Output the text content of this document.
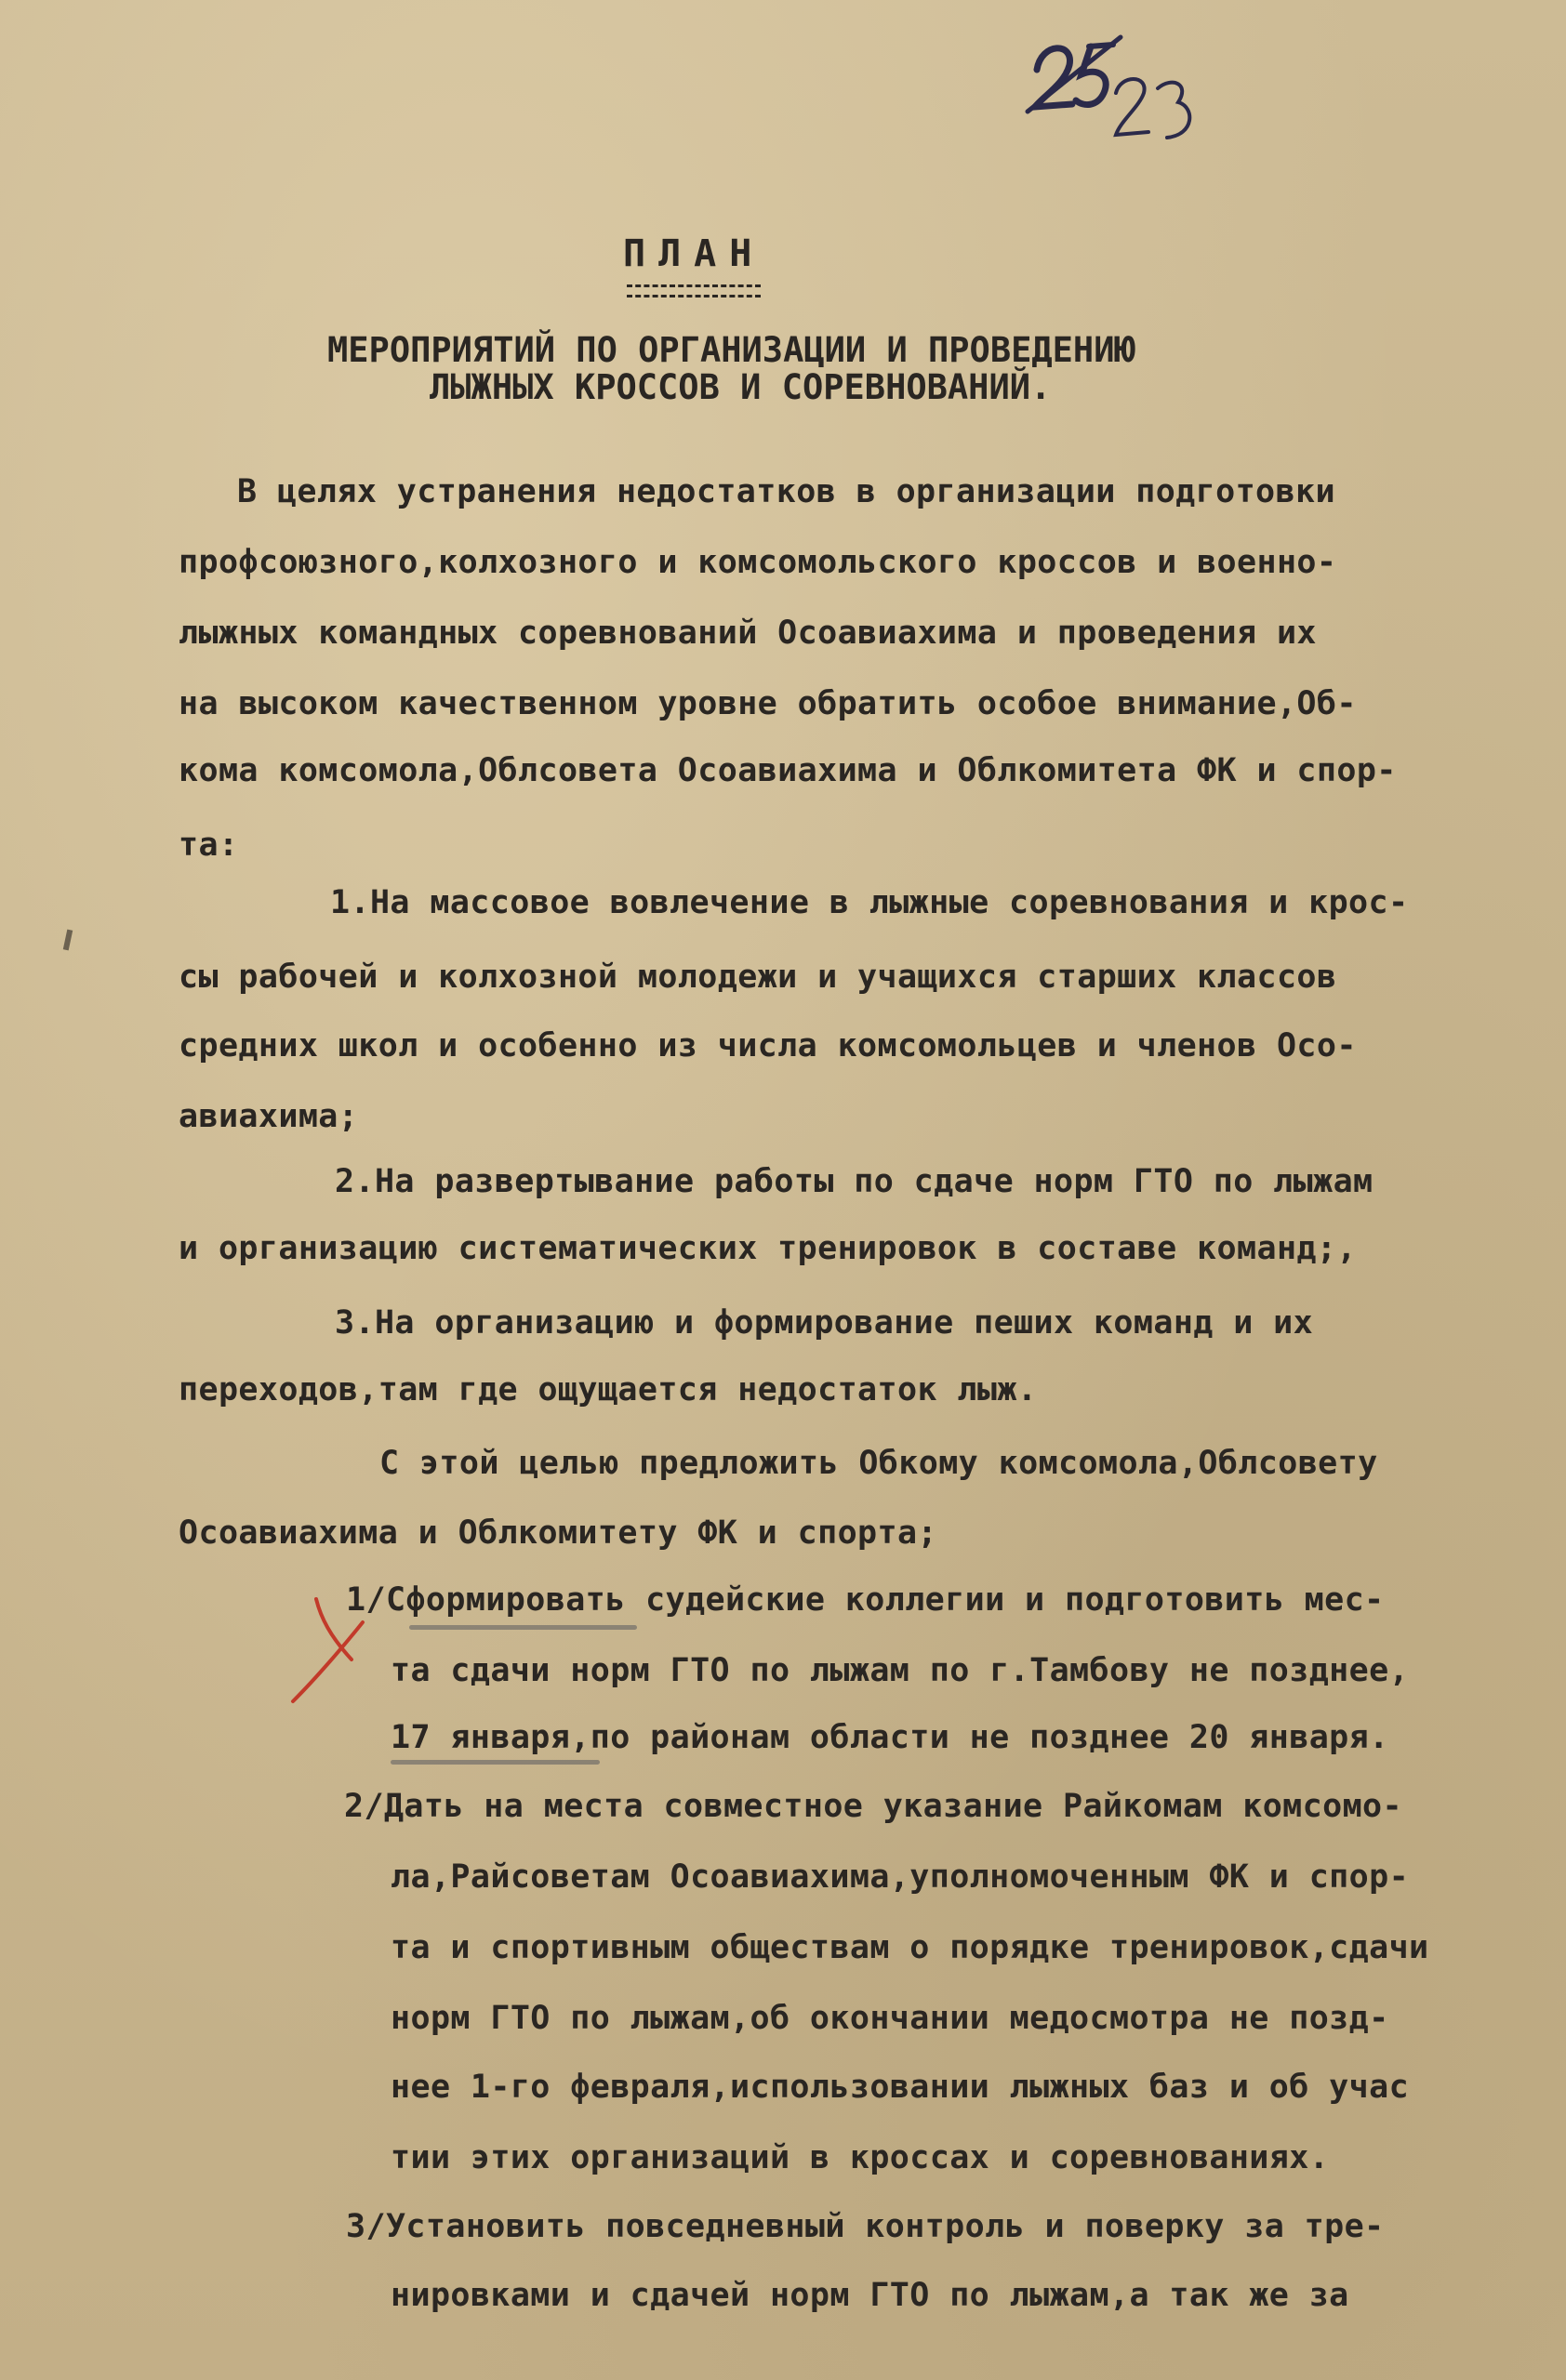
ПЛАН
МЕРОПРИЯТИЙ ПО ОРГАНИЗАЦИИ И ПРОВЕДЕНИЮ
ЛЫЖНЫХ КРОССОВ И СОРЕВНОВАНИЙ.
В целях устранения недостатков в организации подготовки
профсоюзного,колхозного и комсомольского кроссов и военно-
лыжных командных соревнований Осоавиахима и проведения их
на высоком качественном уровне обратить особое внимание,Об-
кома комсомола,Облсовета Осоавиахима и Облкомитета ФК и спор-
та:
1.На массовое вовлечение в лыжные соревнования и крос-
сы рабочей и колхозной молодежи и учащихся старших классов
средних школ и особенно из числа комсомольцев и членов Осо-
авиахима;
2.На развертывание работы по сдаче норм ГТО по лыжам
и организацию систематических тренировок в составе команд;,
3.На организацию и формирование пеших команд и их
переходов,там где ощущается недостаток лыж.
С этой целью предложить Обкому комсомола,Облсовету
Осоавиахима и Облкомитету ФК и спорта;
1/Сформировать судейские коллегии и подготовить мес-
та сдачи норм ГТО по лыжам по г.Тамбову не позднее,
17 января,по районам области не позднее 20 января.
2/Дать на места совместное указание Райкомам комсомо-
ла,Райсоветам Осоавиахима,уполномоченным ФК и спор-
та и спортивным обществам о порядке тренировок,сдачи
норм ГТО по лыжам,об окончании медосмотра не позд-
нее 1-го февраля,использовании лыжных баз и об учас
тии этих организаций в кроссах и соревнованиях.
3/Установить повседневный контроль и поверку за тре-
нировками и сдачей норм ГТО по лыжам,а так же за
